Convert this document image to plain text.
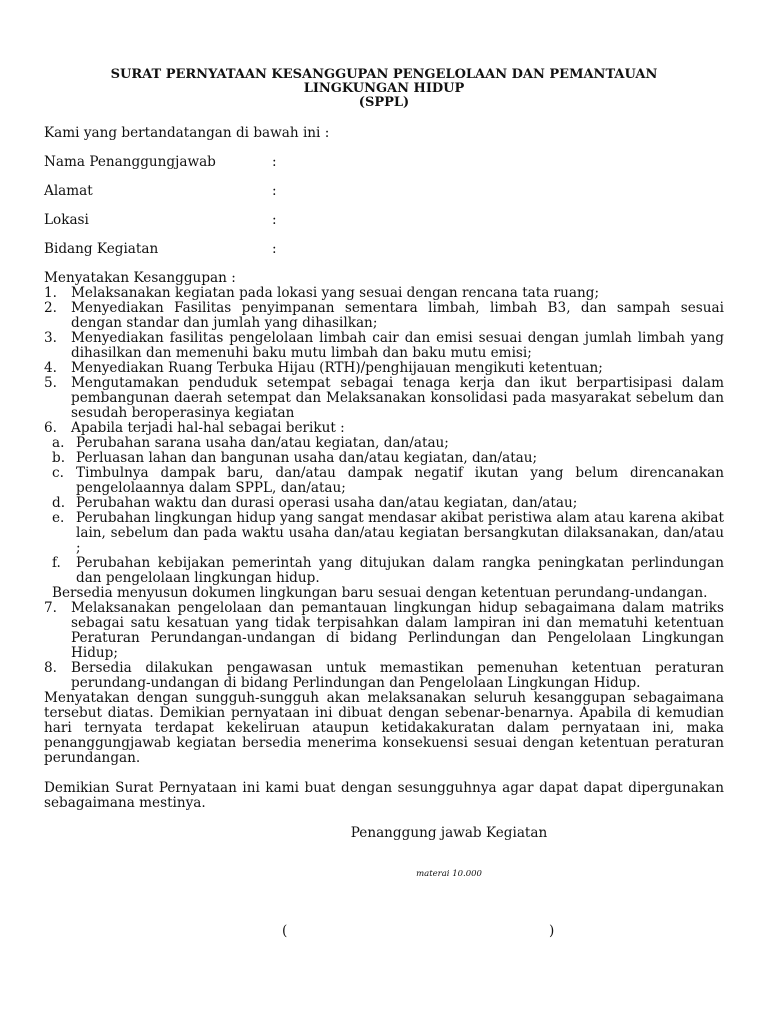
SURAT PERNYATAAN KESANGGUPAN PENGELOLAAN DAN PEMANTAUAN
LINGKUNGAN HIDUP
(SPPL)
Kami yang bertandatangan di bawah ini :
Nama Penanggungjawab	:
Alamat	:
Lokasi	:
Bidang Kegiatan	:
Menyatakan Kesanggupan :
1.	Melaksanakan kegiatan pada lokasi yang sesuai dengan rencana tata ruang;
2.	Menyediakan Fasilitas penyimpanan sementara limbah, limbah B3, dan sampah sesuai dengan standar dan jumlah yang dihasilkan;
3.	Menyediakan fasilitas pengelolaan limbah cair dan emisi sesuai dengan jumlah limbah yang dihasilkan dan memenuhi baku mutu limbah dan baku mutu emisi;
4.	Menyediakan Ruang Terbuka Hijau (RTH)/penghijauan mengikuti ketentuan;
5.	Mengutamakan penduduk setempat sebagai tenaga kerja dan ikut berpartisipasi dalam pembangunan daerah setempat dan Melaksanakan konsolidasi pada masyarakat sebelum dan sesudah beroperasinya kegiatan
6.	Apabila terjadi hal-hal sebagai berikut :
a. Perubahan sarana usaha dan/atau kegiatan, dan/atau;
b. Perluasan lahan dan bangunan usaha dan/atau kegiatan, dan/atau;
c. Timbulnya dampak baru, dan/atau dampak negatif ikutan yang belum direncanakan pengelolaannya dalam SPPL, dan/atau;
d. Perubahan waktu dan durasi operasi usaha dan/atau kegiatan, dan/atau;
e. Perubahan lingkungan hidup yang sangat mendasar akibat peristiwa alam atau karena akibat lain, sebelum dan pada waktu usaha dan/atau kegiatan bersangkutan dilaksanakan, dan/atau ;
f.	Perubahan kebijakan pemerintah yang ditujukan dalam rangka peningkatan perlindungan dan pengelolaan lingkungan hidup.
Bersedia menyusun dokumen lingkungan baru sesuai dengan ketentuan perundang-undangan.
7.	Melaksanakan pengelolaan dan pemantauan lingkungan hidup sebagaimana dalam matriks sebagai satu kesatuan yang tidak terpisahkan dalam lampiran ini dan mematuhi ketentuan Peraturan Perundangan-undangan di bidang Perlindungan dan Pengelolaan Lingkungan Hidup;
8.	Bersedia dilakukan pengawasan untuk memastikan pemenuhan ketentuan peraturan perundang-undangan di bidang Perlindungan dan Pengelolaan Lingkungan Hidup.
Menyatakan dengan sungguh-sungguh akan melaksanakan seluruh kesanggupan sebagaimana tersebut diatas. Demikian pernyataan ini dibuat dengan sebenar-benarnya. Apabila di kemudian hari ternyata terdapat kekeliruan ataupun ketidakakuratan dalam pernyataan ini, maka penanggungjawab kegiatan bersedia menerima konsekuensi sesuai dengan ketentuan peraturan perundangan.
Demikian Surat Pernyataan ini kami buat dengan sesungguhnya agar dapat dapat dipergunakan sebagaimana mestinya.
Penanggung jawab Kegiatan
materai 10.000
(	)
